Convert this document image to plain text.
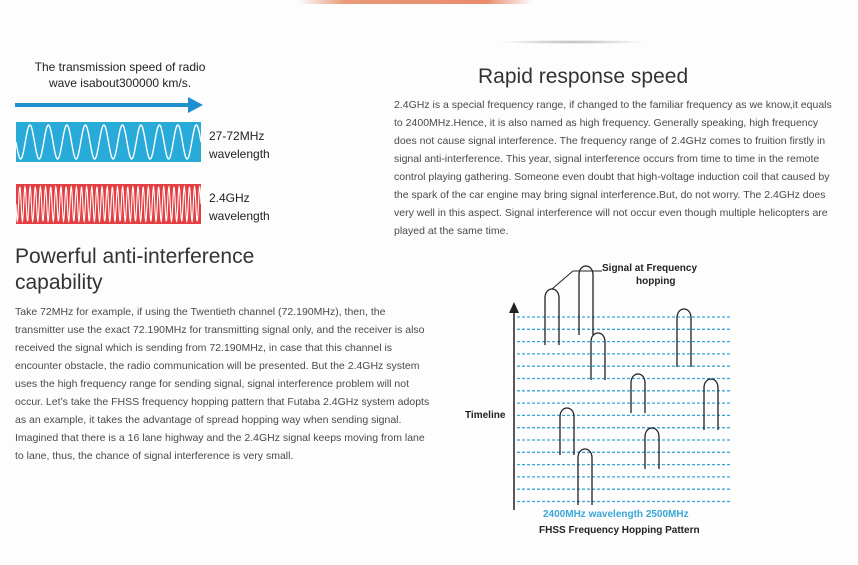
The transmission speed of radio wave isabout300000 km/s.
27-72MHz
wavelength
2.4GHz
wavelength
Rapid response speed

2.4GHz is a special frequency range, if changed to the familiar frequency as we know,it equals to 2400MHz.Hence, it is also named as high frequency. Generally speaking, high frequency does not cause signal interference. The frequency range of 2.4GHz comes to fruition firstly in signal anti-interference. This year, signal interference occurs from time to time in the remote control playing gathering. Someone even doubt that high-voltage induction coil that caused by the spark of the car engine may bring signal interference.But, do not worry. The 2.4GHz does very well in this aspect. Signal interference will not occur even though multiple helicopters are played at the same time.

Powerful anti-interference capability

Take 72MHz for example, if using the Twentieth channel (72.190MHz), then, the transmitter use the exact 72.190MHz for transmitting signal only, and the receiver is also received the signal which is sending from 72.190MHz, in case that this channel is encounter obstacle, the radio communication will be presented. But the 2.4GHz system uses the high frequency range for sending signal, signal interference problem will not occur. Let’s take the FHSS frequency hopping pattern that Futaba 2.4GHz system adopts as an example, it takes the advantage of spread hopping way when sending signal. Imagined that there is a 16 lane highway and the 2.4GHz signal keeps moving from lane to lane, thus, the chance of signal interference is very small.

Signal at Frequency
hopping
Timeline
2400MHz wavelength 2500MHz
FHSS Frequency Hopping Pattern
